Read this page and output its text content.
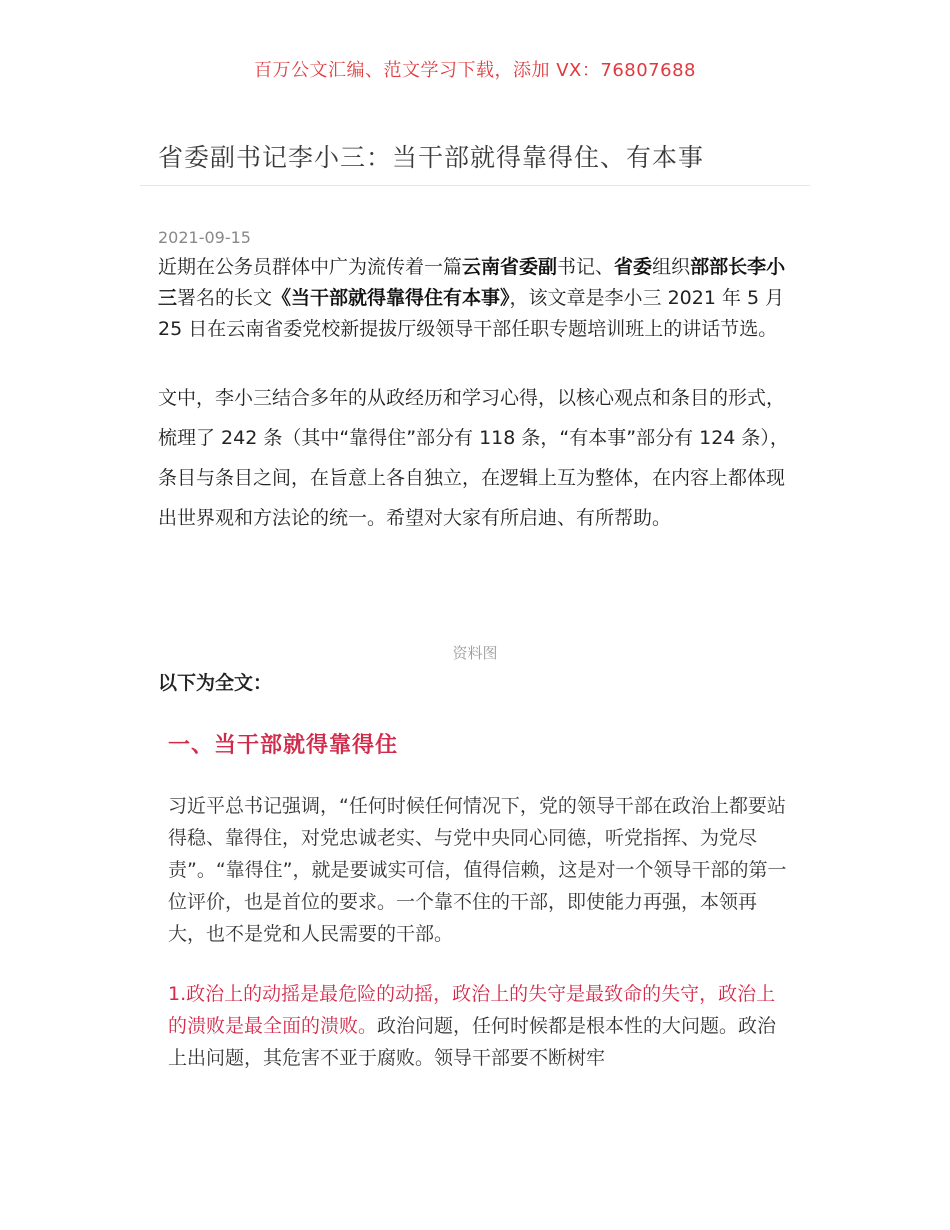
百万公文汇编、范文学习下载，添加 VX：76807688
省委副书记李小三：当干部就得靠得住、有本事
2021-09-15

近期在公务员群体中广为流传着一篇云南省委副书记、省委组织部部长李小三署名的长文《当干部就得靠得住有本事》，该文章是李小三 2021 年 5 月 25 日在云南省委党校新提拔厅级领导干部任职专题培训班上的讲话节选。

文中，李小三结合多年的从政经历和学习心得，以核心观点和条目的形式，梳理了 242 条（其中“靠得住”部分有 118 条，“有本事”部分有 124 条），条目与条目之间，在旨意上各自独立，在逻辑上互为整体，在内容上都体现出世界观和方法论的统一。希望对大家有所启迪、有所帮助。

资料图
以下为全文：
一、当干部就得靠得住

习近平总书记强调，“任何时候任何情况下，党的领导干部在政治上都要站得稳、靠得住，对党忠诚老实、与党中央同心同德，听党指挥、为党尽责”。“靠得住”，就是要诚实可信，值得信赖，这是对一个领导干部的第一位评价，也是首位的要求。一个靠不住的干部，即使能力再强，本领再大，也不是党和人民需要的干部。

1.政治上的动摇是最危险的动摇，政治上的失守是最致命的失守，政治上的溃败是最全面的溃败。政治问题，任何时候都是根本性的大问题。政治上出问题，其危害不亚于腐败。领导干部要不断树牢
